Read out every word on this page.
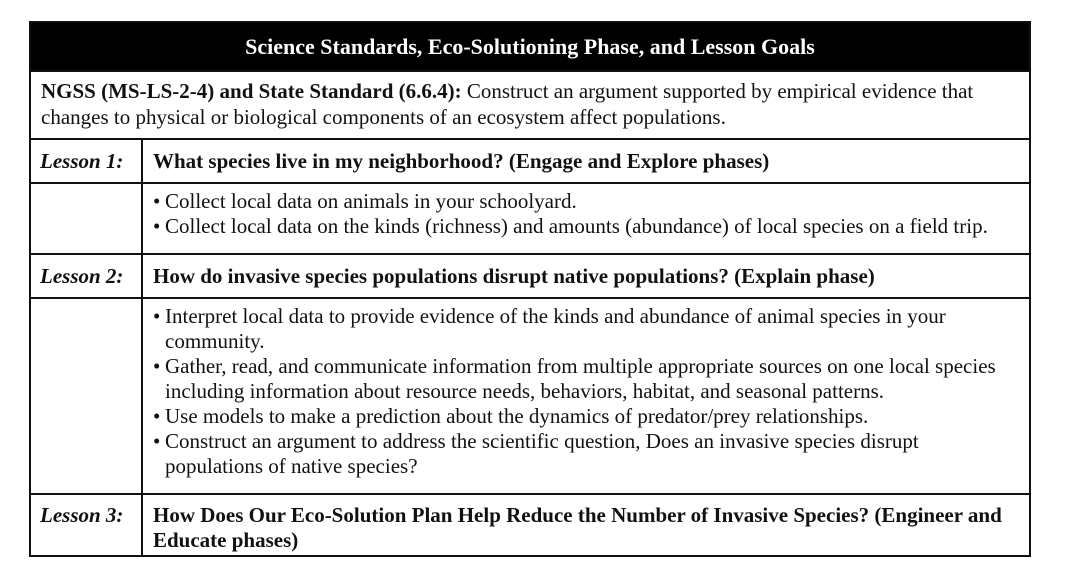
Science Standards, Eco-Solutioning Phase, and Lesson Goals
NGSS (MS-LS-2-4) and State Standard (6.6.4): Construct an argument supported by empirical evidence that changes to physical or biological components of an ecosystem affect populations.
Lesson 1:	What species live in my neighborhood? (Engage and Explore phases)
• Collect local data on animals in your schoolyard.
• Collect local data on the kinds (richness) and amounts (abundance) of local species on a field trip.
Lesson 2:	How do invasive species populations disrupt native populations? (Explain phase)
• Interpret local data to provide evidence of the kinds and abundance of animal species in your community.
• Gather, read, and communicate information from multiple appropriate sources on one local species including information about resource needs, behaviors, habitat, and seasonal patterns.
• Use models to make a prediction about the dynamics of predator/prey relationships.
• Construct an argument to address the scientific question, Does an invasive species disrupt populations of native species?
Lesson 3:	How Does Our Eco-Solution Plan Help Reduce the Number of Invasive Species? (Engineer and Educate phases)
